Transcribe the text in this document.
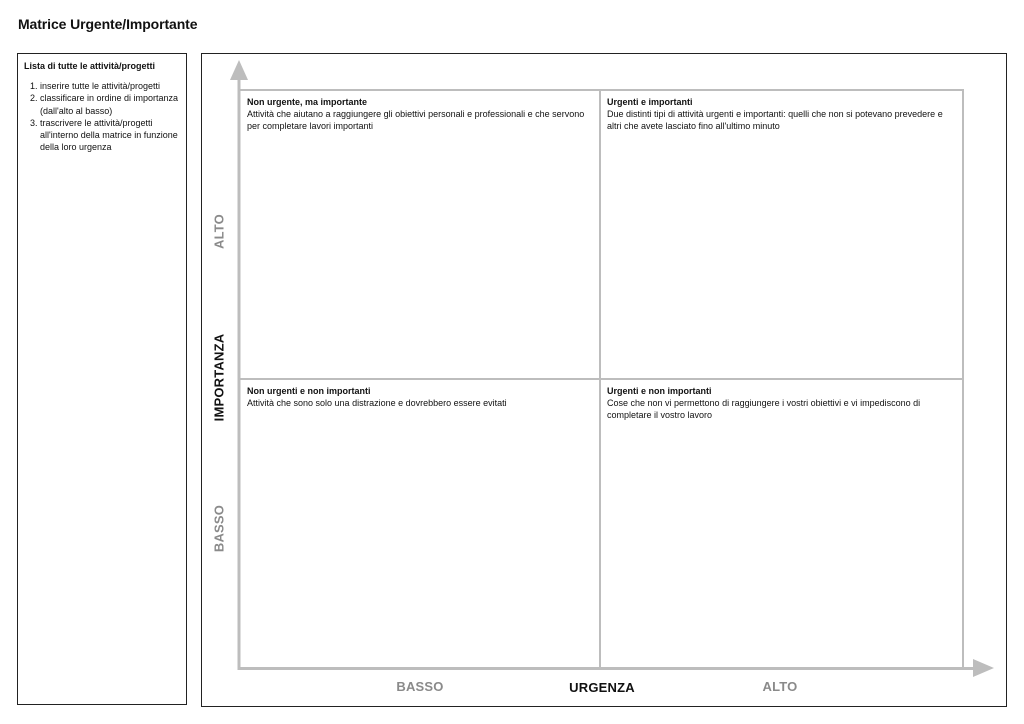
Matrice Urgente/Importante
Lista di tutte le attività/progetti
1. inserire tutte le attività/progetti
2. classificare in ordine di importanza (dall'alto al basso)
3. trascrivere le attività/progetti all'interno della matrice in funzione della loro urgenza
Non urgente, ma importante
Attività che aiutano a raggiungere gli obiettivi personali e professionali e che servono per completare lavori importanti
Urgenti e importanti
Due distinti tipi di attività urgenti e importanti: quelli che non si potevano prevedere e altri che avete lasciato fino all'ultimo minuto
Non urgenti e non importanti
Attività che sono solo una distrazione e dovrebbero essere evitati
Urgenti e non importanti
Cose che non vi permettono di raggiungere i vostri obiettivi e vi impediscono di completare il vostro lavoro
ALTO
IMPORTANZA
BASSO
BASSO	URGENZA	ALTO
